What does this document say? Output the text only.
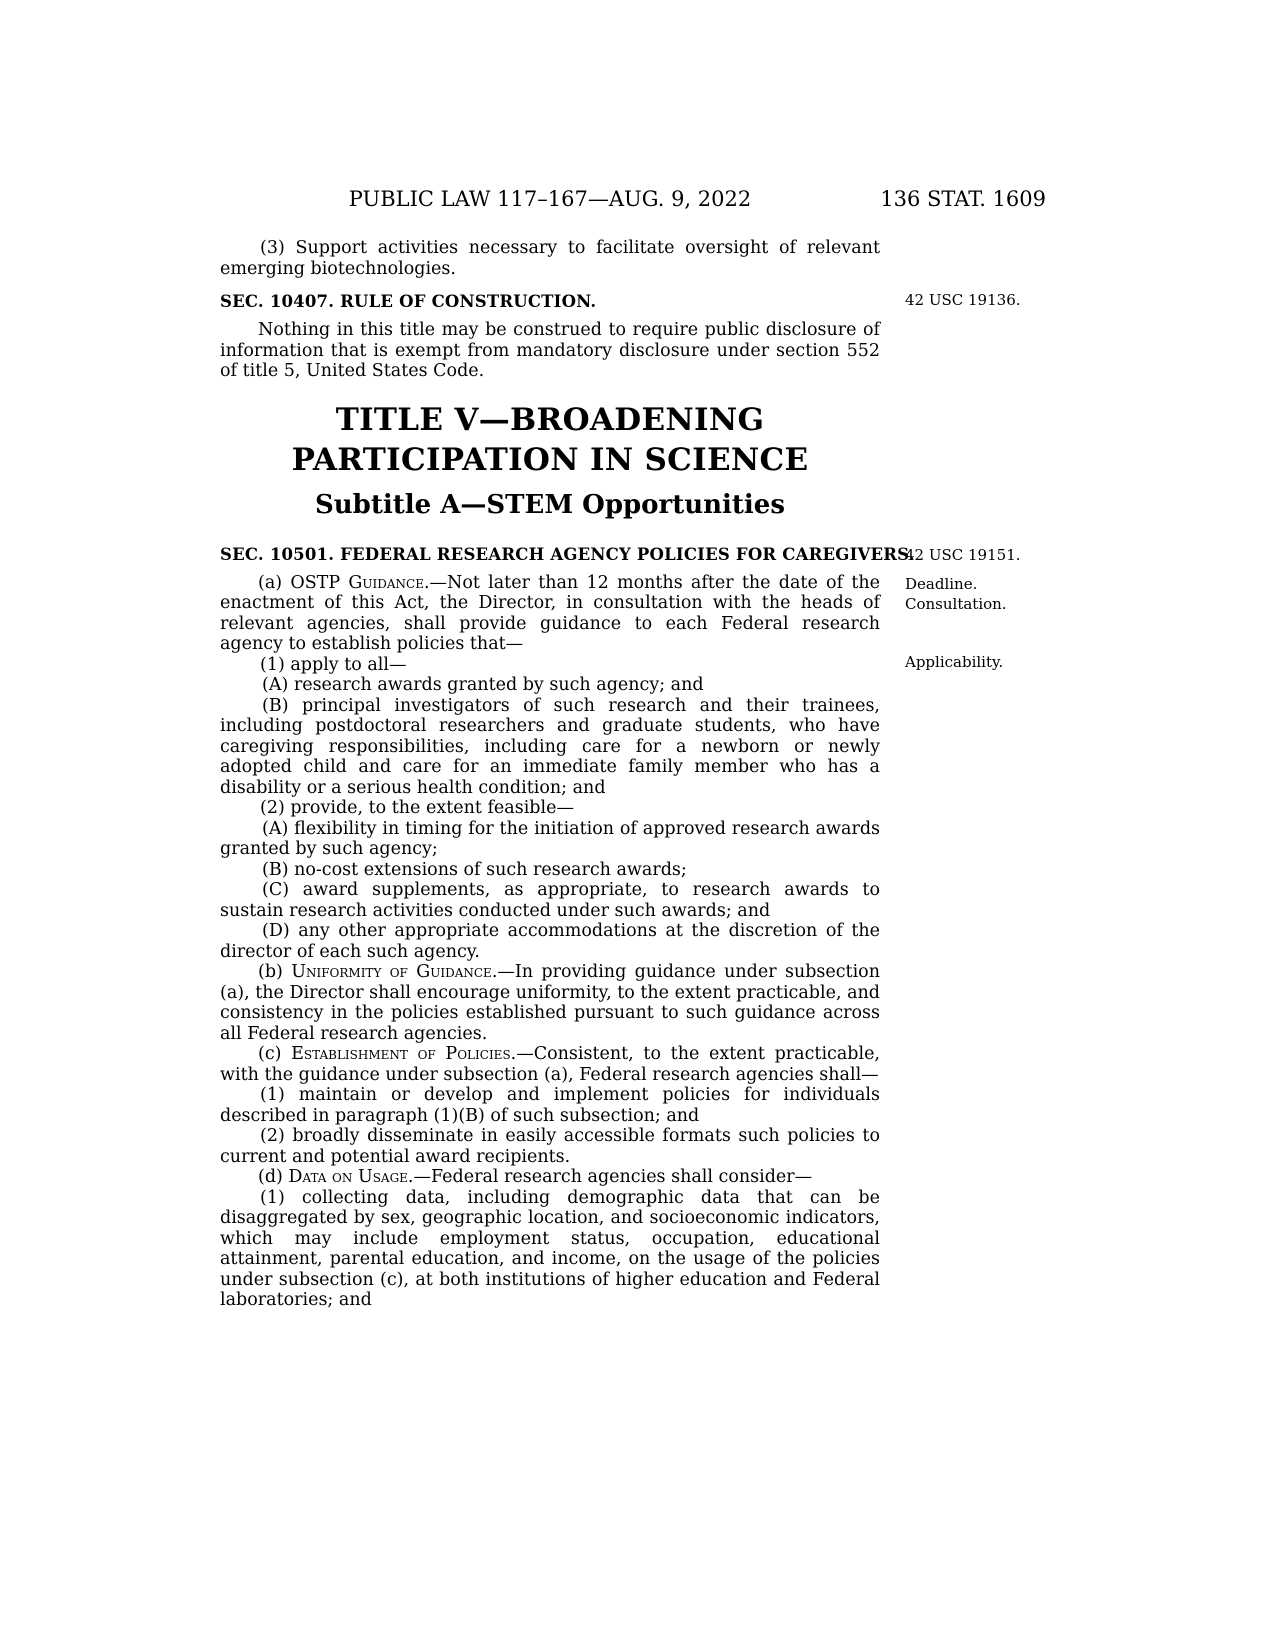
PUBLIC LAW 117–167—AUG. 9, 2022	136 STAT. 1609

(3) Support activities necessary to facilitate oversight of relevant emerging biotechnologies.

SEC. 10407. RULE OF CONSTRUCTION.

Nothing in this title may be construed to require public disclosure of information that is exempt from mandatory disclosure under section 552 of title 5, United States Code.

TITLE V—BROADENING PARTICIPATION IN SCIENCE
Subtitle A—STEM Opportunities
SEC. 10501. FEDERAL RESEARCH AGENCY POLICIES FOR CAREGIVERS.

(a) OSTP Guidance.—Not later than 12 months after the date of the enactment of this Act, the Director, in consultation with the heads of relevant agencies, shall provide guidance to each Federal research agency to establish policies that—

(1) apply to all—

(A) research awards granted by such agency; and

(B) principal investigators of such research and their trainees, including postdoctoral researchers and graduate students, who have caregiving responsibilities, including care for a newborn or newly adopted child and care for an immediate family member who has a disability or a serious health condition; and

(2) provide, to the extent feasible—

(A) flexibility in timing for the initiation of approved research awards granted by such agency;

(B) no-cost extensions of such research awards;

(C) award supplements, as appropriate, to research awards to sustain research activities conducted under such awards; and

(D) any other appropriate accommodations at the discretion of the director of each such agency.

(b) Uniformity of Guidance.—In providing guidance under subsection (a), the Director shall encourage uniformity, to the extent practicable, and consistency in the policies established pursuant to such guidance across all Federal research agencies.

(c) Establishment of Policies.—Consistent, to the extent practicable, with the guidance under subsection (a), Federal research agencies shall—

(1) maintain or develop and implement policies for individuals described in paragraph (1)(B) of such subsection; and

(2) broadly disseminate in easily accessible formats such policies to current and potential award recipients.

(d) Data on Usage.—Federal research agencies shall consider—

(1) collecting data, including demographic data that can be disaggregated by sex, geographic location, and socioeconomic indicators, which may include employment status, occupation, educational attainment, parental education, and income, on the usage of the policies under subsection (c), at both institutions of higher education and Federal laboratories; and

42 USC 19136.
42 USC 19151.
Deadline.
Consultation.
Applicability.
